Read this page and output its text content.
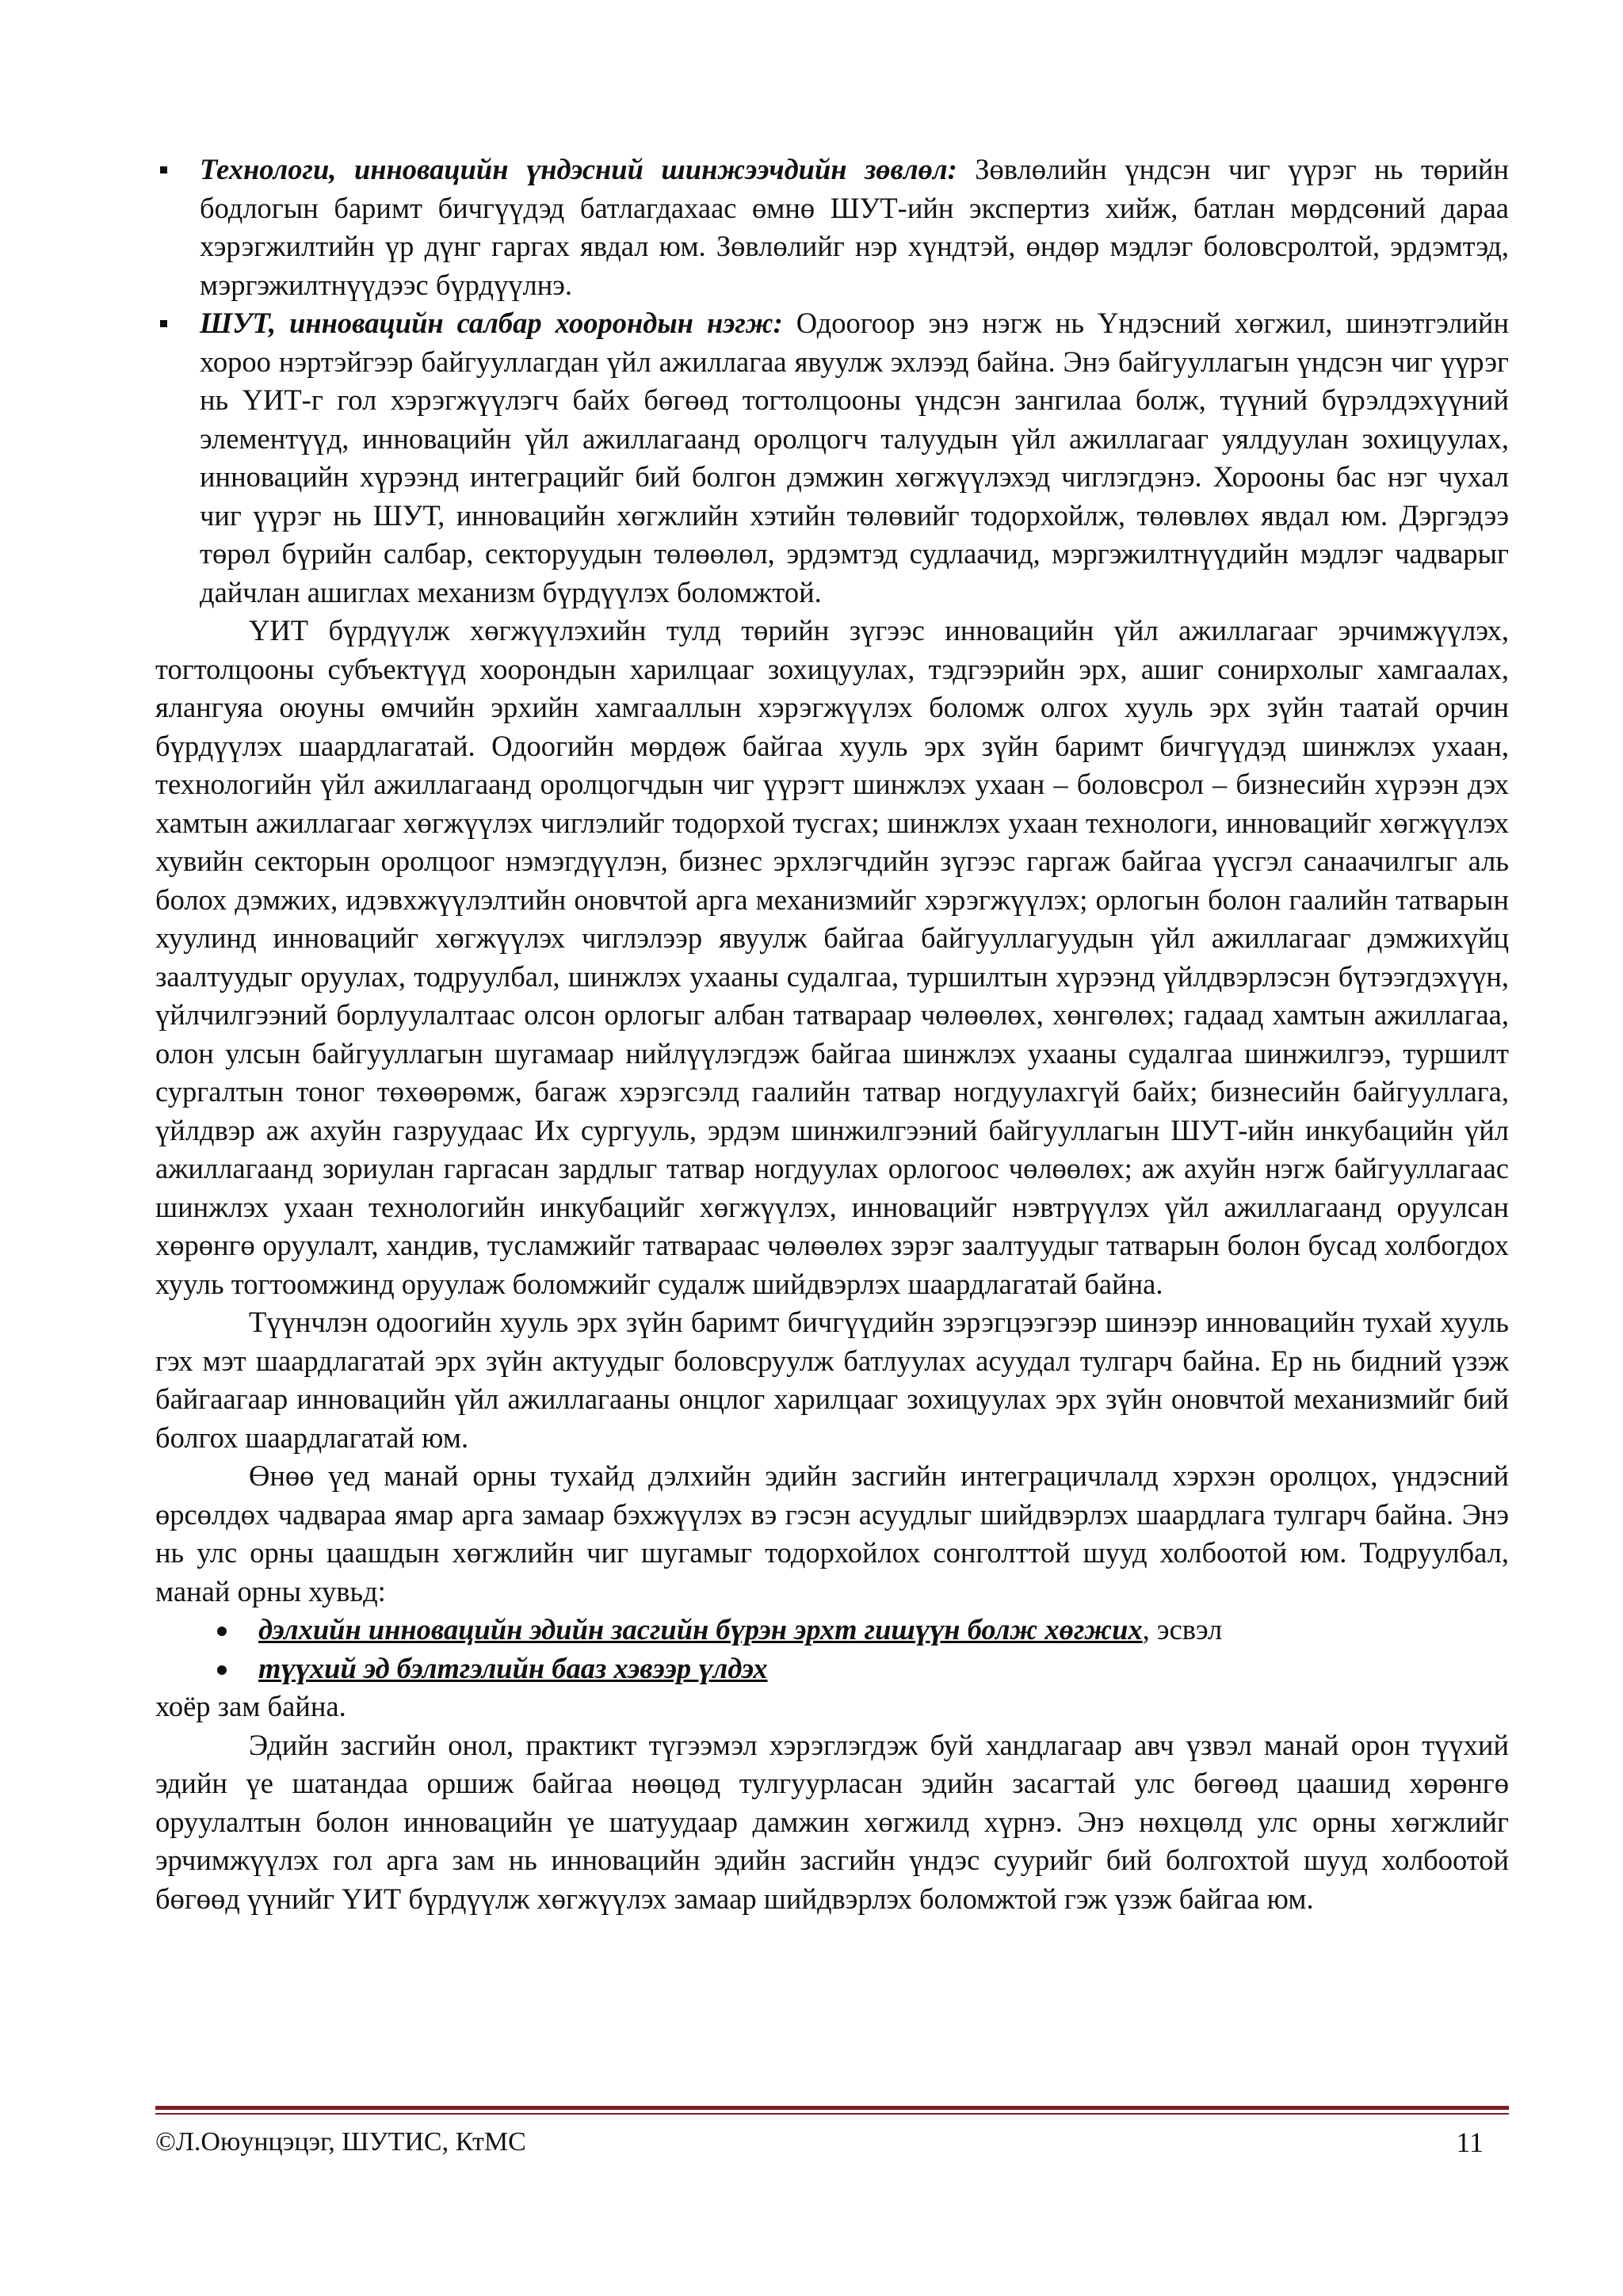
Технологи, инновацийн үндэсний шинжээчдийн зөвлөл: Зөвлөлийн үндсэн чиг үүрэг нь төрийн бодлогын баримт бичгүүдэд батлагдахаас өмнө ШУТ-ийн экспертиз хийж, батлан мөрдсөний дараа хэрэгжилтийн үр дүнг гаргах явдал юм. Зөвлөлийг нэр хүндтэй, өндөр мэдлэг боловсролтой, эрдэмтэд, мэргэжилтнүүдээс бүрдүүлнэ.
ШУТ, инновацийн салбар хоорондын нэгж: Одоогоор энэ нэгж нь Үндэсний хөгжил, шинэтгэлийн хороо нэртэйгээр байгууллагдан үйл ажиллагаа явуулж эхлээд байна. Энэ байгууллагын үндсэн чиг үүрэг нь ҮИТ-г гол хэрэгжүүлэгч байх бөгөөд тогтолцооны үндсэн зангилаа болж, түүний бүрэлдэхүүний элементүүд, инновацийн үйл ажиллагаанд оролцогч талуудын үйл ажиллагааг уялдуулан зохицуулах, инновацийн хүрээнд интеграцийг бий болгон дэмжин хөгжүүлэхэд чиглэгдэнэ. Хорооны бас нэг чухал чиг үүрэг нь ШУТ, инновацийн хөгжлийн хэтийн төлөвийг тодорхойлж, төлөвлөх явдал юм. Дэргэдээ төрөл бүрийн салбар, секторуудын төлөөлөл, эрдэмтэд судлаачид, мэргэжилтнүүдийн мэдлэг чадварыг дайчлан ашиглах механизм бүрдүүлэх боломжтой.

ҮИТ бүрдүүлж хөгжүүлэхийн тулд төрийн зүгээс инновацийн үйл ажиллагааг эрчимжүүлэх, тогтолцооны субъектүүд хоорондын харилцааг зохицуулах, тэдгээрийн эрх, ашиг сонирхолыг хамгаалах, ялангуяа оюуны өмчийн эрхийн хамгааллын хэрэгжүүлэх боломж олгох хууль эрх зүйн таатай орчин бүрдүүлэх шаардлагатай. Одоогийн мөрдөж байгаа хууль эрх зүйн баримт бичгүүдэд шинжлэх ухаан, технологийн үйл ажиллагаанд оролцогчдын чиг үүрэгт шинжлэх ухаан – боловсрол – бизнесийн хүрээн дэх хамтын ажиллагааг хөгжүүлэх чиглэлийг тодорхой тусгах; шинжлэх ухаан технологи, инновацийг хөгжүүлэх хувийн секторын оролцоог нэмэгдүүлэн, бизнес эрхлэгчдийн зүгээс гаргаж байгаа үүсгэл санаачилгыг аль болох дэмжих, идэвхжүүлэлтийн оновчтой арга механизмийг хэрэгжүүлэх; орлогын болон гаалийн татварын хуулинд инновацийг хөгжүүлэх чиглэлээр явуулж байгаа байгууллагуудын үйл ажиллагааг дэмжихүйц заалтуудыг оруулах, тодруулбал, шинжлэх ухааны судалгаа, туршилтын хүрээнд үйлдвэрлэсэн бүтээгдэхүүн, үйлчилгээний борлуулалтаас олсон орлогыг албан татвараар чөлөөлөх, хөнгөлөх; гадаад хамтын ажиллагаа, олон улсын байгууллагын шугамаар нийлүүлэгдэж байгаа шинжлэх ухааны судалгаа шинжилгээ, туршилт сургалтын тоног төхөөрөмж, багаж хэрэгсэлд гаалийн татвар ногдуулахгүй байх; бизнесийн байгууллага, үйлдвэр аж ахуйн газруудаас Их сургууль, эрдэм шинжилгээний байгууллагын ШУТ-ийн инкубацийн үйл ажиллагаанд зориулан гаргасан зардлыг татвар ногдуулах орлогоос чөлөөлөх; аж ахуйн нэгж байгууллагаас шинжлэх ухаан технологийн инкубацийг хөгжүүлэх, инновацийг нэвтрүүлэх үйл ажиллагаанд оруулсан хөрөнгө оруулалт, хандив, тусламжийг татвараас чөлөөлөх зэрэг заалтуудыг татварын болон бусад холбогдох хууль тогтоомжинд оруулаж боломжийг судалж шийдвэрлэх шаардлагатай байна.

Түүнчлэн одоогийн хууль эрх зүйн баримт бичгүүдийн зэрэгцээгээр шинээр инновацийн тухай хууль гэх мэт шаардлагатай эрх зүйн актуудыг боловсруулж батлуулах асуудал тулгарч байна. Ер нь бидний үзэж байгаагаар инновацийн үйл ажиллагааны онцлог харилцааг зохицуулах эрх зүйн оновчтой механизмийг бий болгох шаардлагатай юм.

Өнөө үед манай орны тухайд дэлхийн эдийн засгийн интеграцичлалд хэрхэн оролцох, үндэсний өрсөлдөх чадвараа ямар арга замаар бэхжүүлэх вэ гэсэн асуудлыг шийдвэрлэх шаардлага тулгарч байна. Энэ нь улс орны цаашдын хөгжлийн чиг шугамыг тодорхойлох сонголттой шууд холбоотой юм. Тодруулбал, манай орны хувьд:

дэлхийн инновацийн эдийн засгийн бүрэн эрхт гишүүн болж хөгжих, эсвэл
түүхий эд бэлтгэлийн бааз хэвээр үлдэх

хоёр зам байна.

Эдийн засгийн онол, практикт түгээмэл хэрэглэгдэж буй хандлагаар авч үзвэл манай орон түүхий эдийн үе шатандаа оршиж байгаа нөөцөд тулгуурласан эдийн засагтай улс бөгөөд цаашид хөрөнгө оруулалтын болон инновацийн үе шатуудаар дамжин хөгжилд хүрнэ. Энэ нөхцөлд улс орны хөгжлийг эрчимжүүлэх гол арга зам нь инновацийн эдийн засгийн үндэс суурийг бий болгохтой шууд холбоотой бөгөөд үүнийг ҮИТ бүрдүүлж хөгжүүлэх замаар шийдвэрлэх боломжтой гэж үзэж байгаа юм.

©Л.Оюунцэцэг, ШУТИС, КтМС	11
